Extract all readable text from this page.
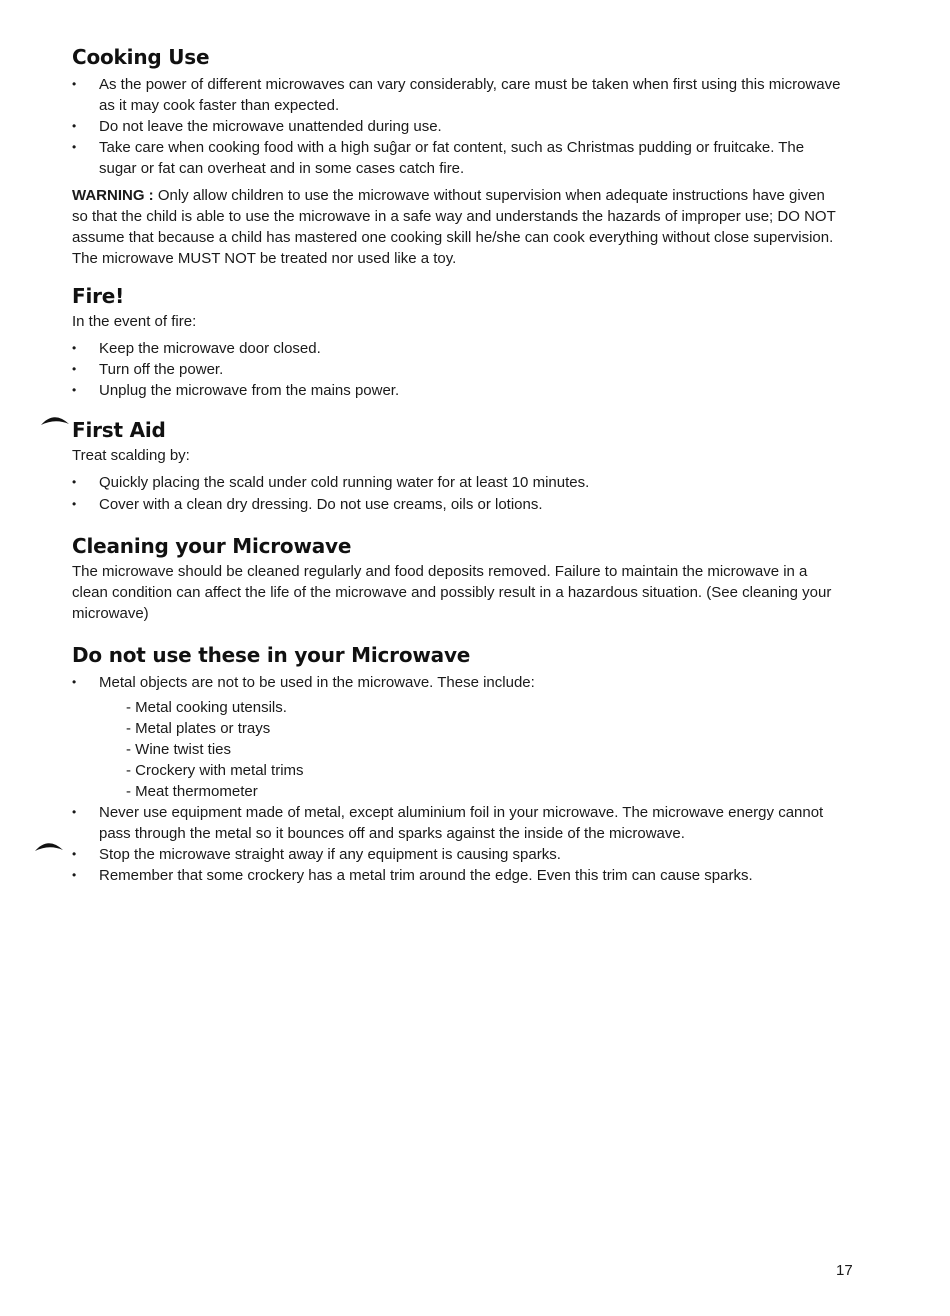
Cooking Use
• As the power of different microwaves can vary considerably, care must be taken when first using this microwave as it may cook faster than expected.
• Do not leave the microwave unattended during use.
• Take care when cooking food with a high suĝar or fat content, such as Christmas pudding or fruitcake. The sugar or fat can overheat and in some cases catch fire.

WARNING : Only allow children to use the microwave without supervision when adequate instructions have given so that the child is able to use the microwave in a safe way and understands the hazards of improper use; DO NOT assume that because a child has mastered one cooking skill he/she can cook everything without close supervision. The microwave MUST NOT be treated nor used like a toy.

Fire!

In the event of fire:

• Keep the microwave door closed.
• Turn off the power.
• Unplug the microwave from the mains power.
First Aid

Treat scalding by:

• Quickly placing the scald under cold running water for at least 10 minutes.
• Cover with a clean dry dressing. Do not use creams, oils or lotions.
Cleaning your Microwave

The microwave should be cleaned regularly and food deposits removed. Failure to maintain the microwave in a clean condition can affect the life of the microwave and possibly result in a hazardous situation. (See cleaning your microwave)

Do not use these in your Microwave
• Metal objects are not to be used in the microwave. These include:
- Metal cooking utensils.
- Metal plates or trays
- Wine twist ties
- Crockery with metal trims
- Meat thermometer
• Never use equipment made of metal, except aluminium foil in your microwave. The microwave energy cannot pass through the metal so it bounces off and sparks against the inside of the microwave.
• Stop the microwave straight away if any equipment is causing sparks.
• Remember that some crockery has a metal trim around the edge. Even this trim can cause sparks.
17
